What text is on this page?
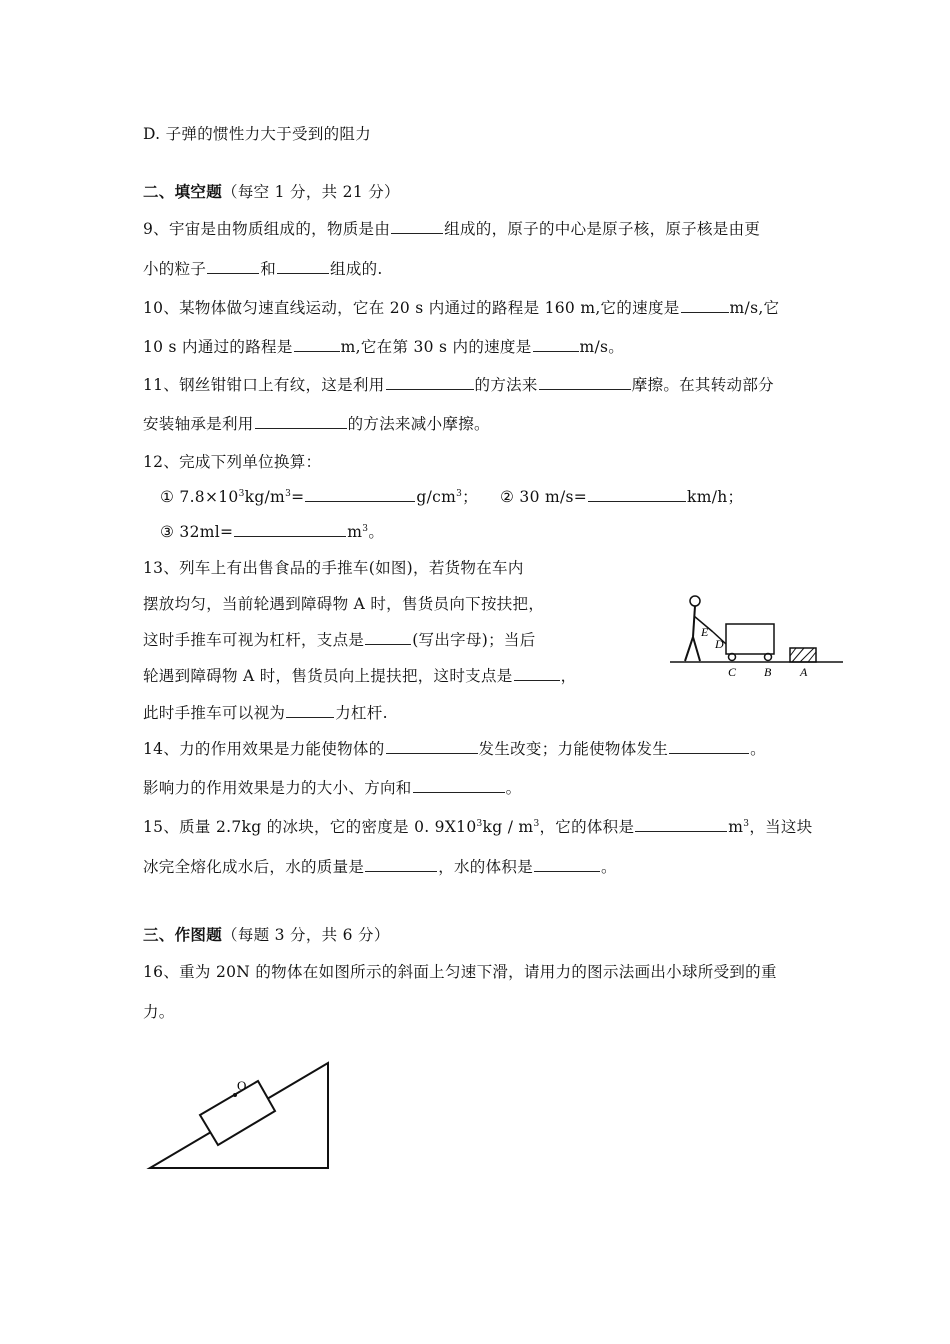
D. 子弹的惯性力大于受到的阻力
二、填空题（每空 1 分，共 21 分）
9、宇宙是由物质组成的，物质是由	组成的，原子的中心是原子核，原子核是由更
小的粒子	和	组成的.
10、某物体做匀速直线运动，它在 20 s 内通过的路程是 160 m,它的速度是	m/s,它
10 s 内通过的路程是	m,它在第 30 s 内的速度是	m/s。
11、钢丝钳钳口上有纹，这是利用	的方法来	摩擦。在其转动部分
安装轴承是利用	的方法来减小摩擦。
12、完成下列单位换算：
① $7.8\times 10^3kg/m^3=$	$g/cm^3$； ② 30 m/s=	km/h；
③ 32ml=	$m^3$。
13、列车上有出售食品的手推车(如图)，若货物在车内
摆放均匀，当前轮遇到障碍物 A 时，售货员向下按扶把，
这时手推车可视为杠杆，支点是	(写出字母)；当后
轮遇到障碍物 A 时，售货员向上提扶把，这时支点是	，
此时手推车可以视为	力杠杆.
E
D
C B A
14、力的作用效果是力能使物体的	发生改变；力能使物体发生	。
影响力的作用效果是力的大小、方向和	。
15、质量 2.7kg 的冰块，它的密度是 0. $9X10^3kg / m^3$，它的体积是	$m^3$，当这块
冰完全熔化成水后，水的质量是	，水的体积是	。
三、作图题（每题 3 分，共 6 分）
16、重为 20N 的物体在如图所示的斜面上匀速下滑，请用力的图示法画出小球所受到的重
力。
O
